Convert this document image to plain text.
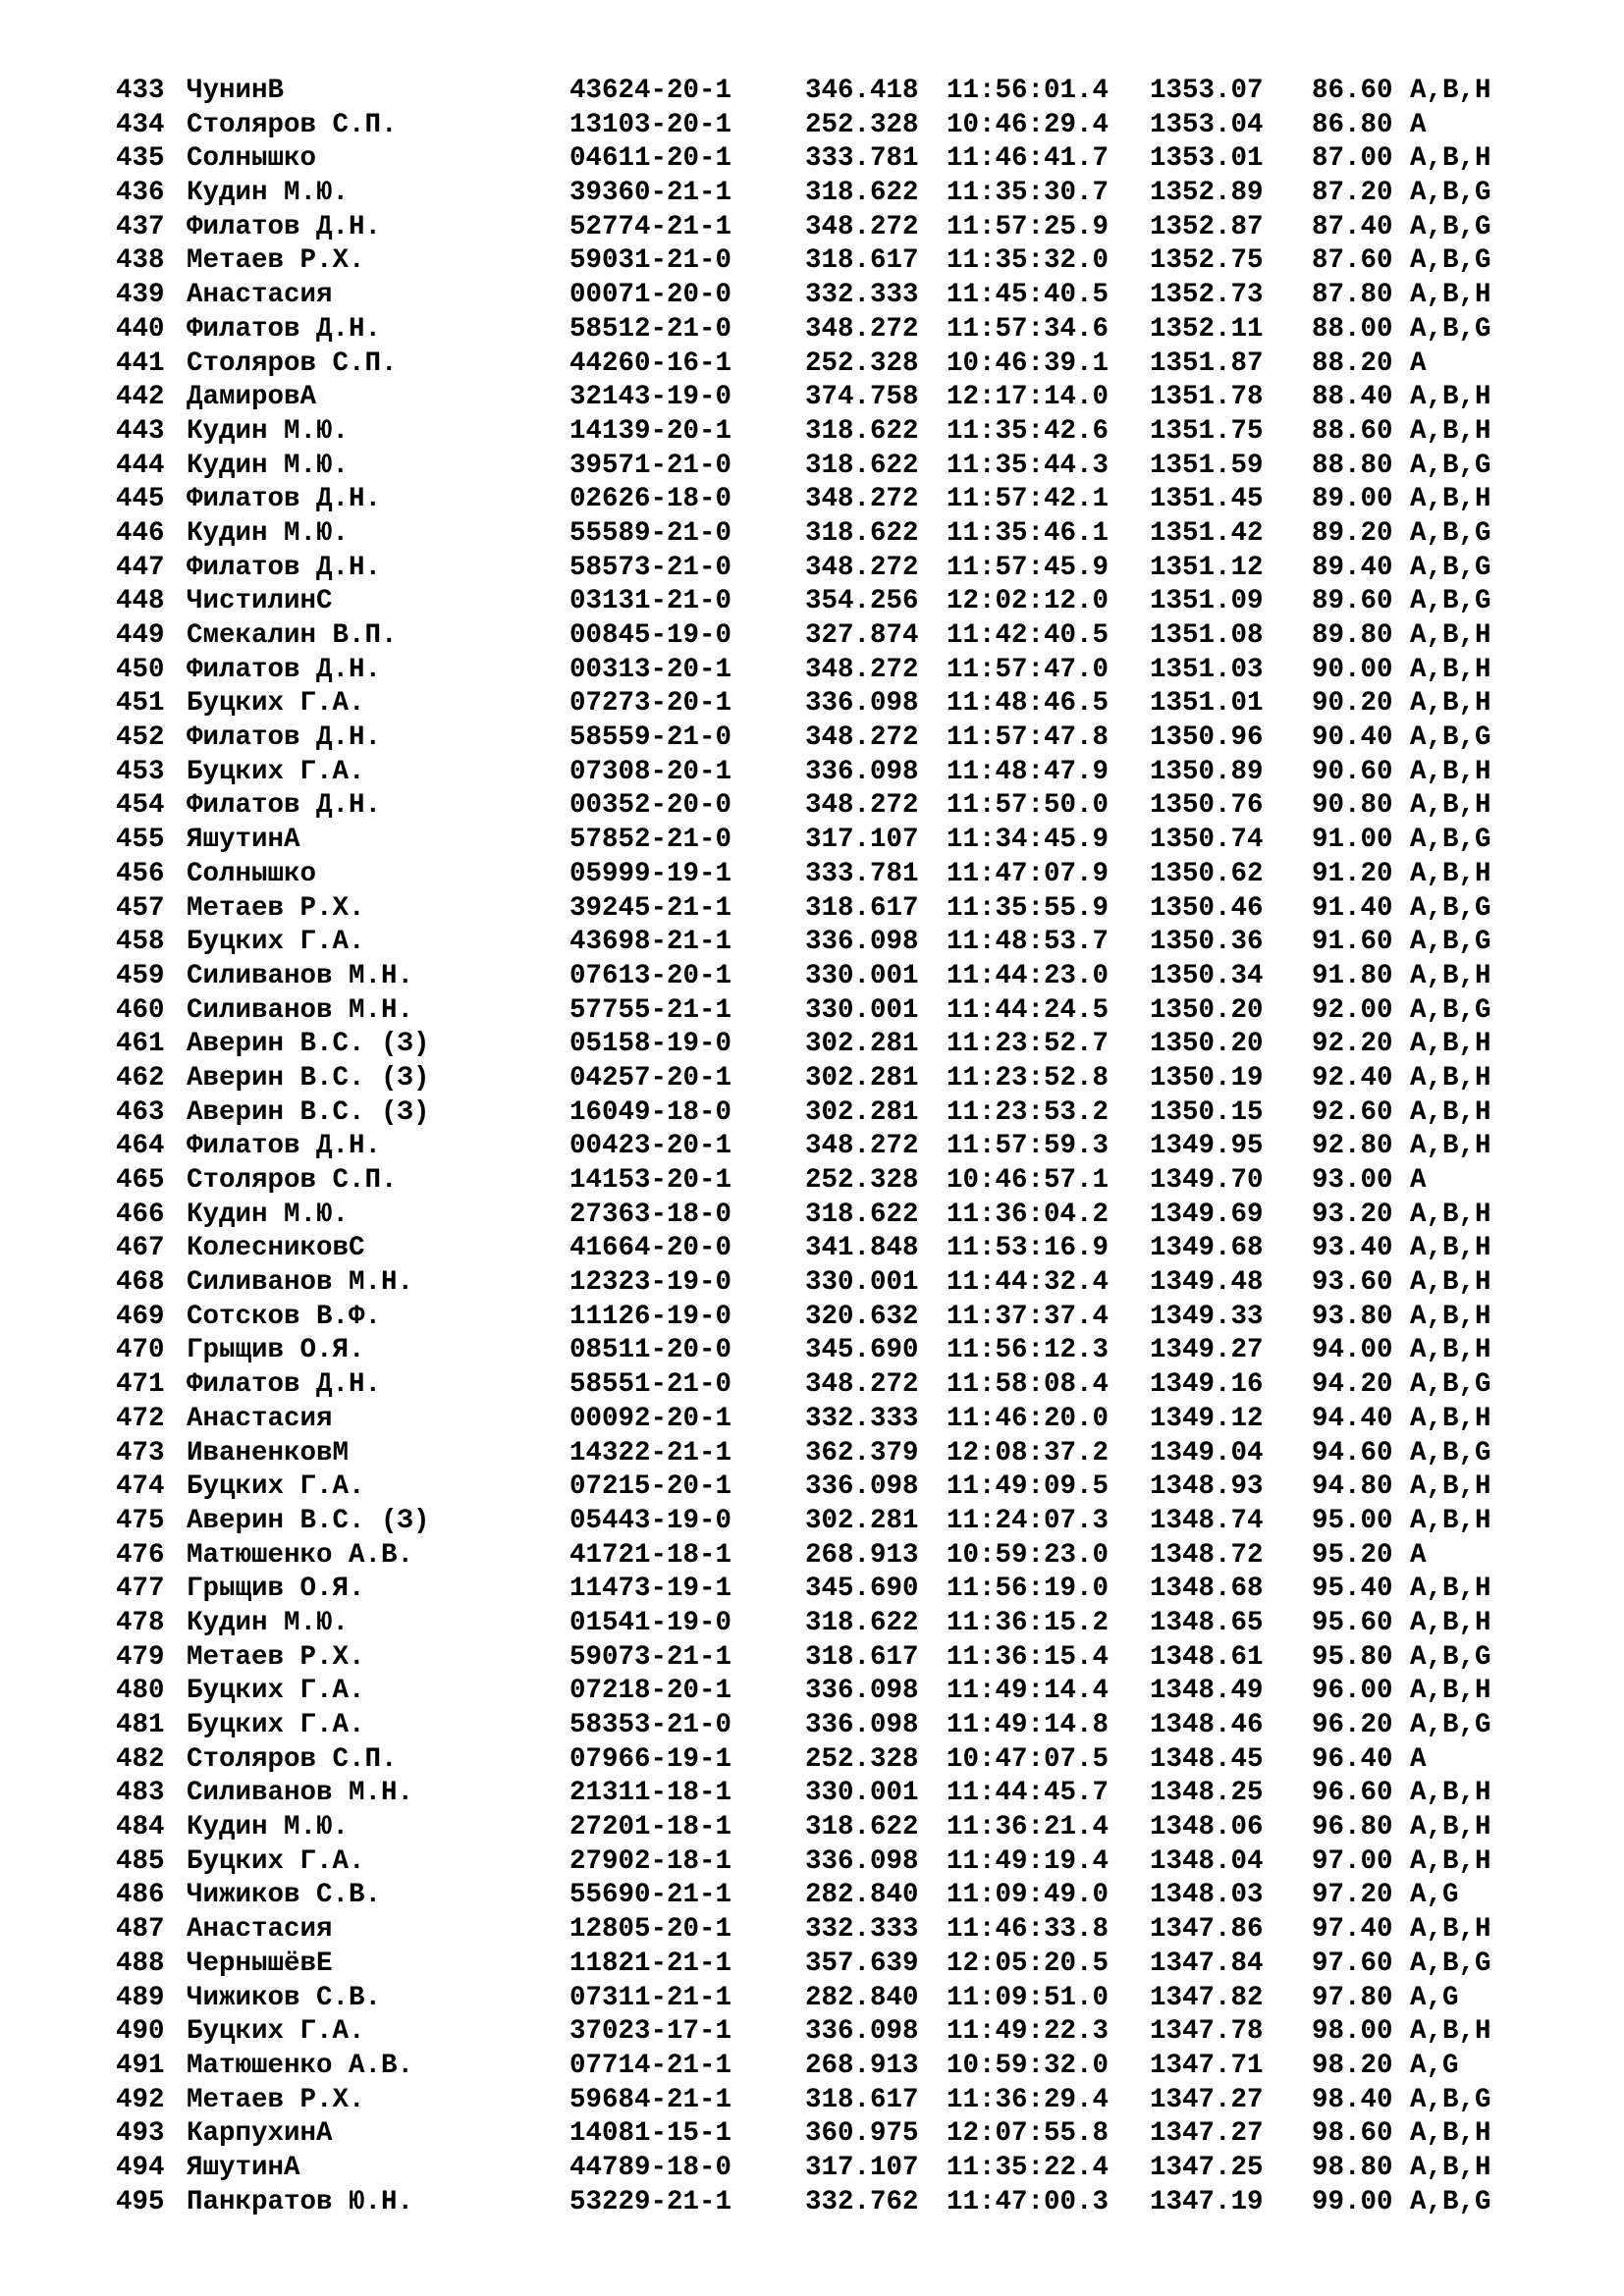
433 ЧунинВ	43624-20-1	346.418 11:56:01.4 1353.07 86.60 A,B,H
434 Столяров С.П.	13103-20-1	252.328 10:46:29.4 1353.04 86.80 A
435 Солнышко	04611-20-1	333.781 11:46:41.7 1353.01 87.00 A,B,H
436 Кудин М.Ю.	39360-21-1	318.622 11:35:30.7 1352.89 87.20 A,B,G
437 Филатов Д.Н.	52774-21-1	348.272 11:57:25.9 1352.87 87.40 A,B,G
438 Метаев Р.Х.	59031-21-0	318.617 11:35:32.0 1352.75 87.60 A,B,G
439 Анастасия	00071-20-0	332.333 11:45:40.5 1352.73 87.80 A,B,H
440 Филатов Д.Н.	58512-21-0	348.272 11:57:34.6 1352.11 88.00 A,B,G
441 Столяров С.П.	44260-16-1	252.328 10:46:39.1 1351.87 88.20 A
442 ДамировА	32143-19-0	374.758 12:17:14.0 1351.78 88.40 A,B,H
443 Кудин М.Ю.	14139-20-1	318.622 11:35:42.6 1351.75 88.60 A,B,H
444 Кудин М.Ю.	39571-21-0	318.622 11:35:44.3 1351.59 88.80 A,B,G
445 Филатов Д.Н.	02626-18-0	348.272 11:57:42.1 1351.45 89.00 A,B,H
446 Кудин М.Ю.	55589-21-0	318.622 11:35:46.1 1351.42 89.20 A,B,G
447 Филатов Д.Н.	58573-21-0	348.272 11:57:45.9 1351.12 89.40 A,B,G
448 ЧистилинС	03131-21-0	354.256 12:02:12.0 1351.09 89.60 A,B,G
449 Смекалин В.П.	00845-19-0	327.874 11:42:40.5 1351.08 89.80 A,B,H
450 Филатов Д.Н.	00313-20-1	348.272 11:57:47.0 1351.03 90.00 A,B,H
451 Буцких Г.А.	07273-20-1	336.098 11:48:46.5 1351.01 90.20 A,B,H
452 Филатов Д.Н.	58559-21-0	348.272 11:57:47.8 1350.96 90.40 A,B,G
453 Буцких Г.А.	07308-20-1	336.098 11:48:47.9 1350.89 90.60 A,B,H
454 Филатов Д.Н.	00352-20-0	348.272 11:57:50.0 1350.76 90.80 A,B,H
455 ЯшутинА	57852-21-0	317.107 11:34:45.9 1350.74 91.00 A,B,G
456 Солнышко	05999-19-1	333.781 11:47:07.9 1350.62 91.20 A,B,H
457 Метаев Р.Х.	39245-21-1	318.617 11:35:55.9 1350.46 91.40 A,B,G
458 Буцких Г.А.	43698-21-1	336.098 11:48:53.7 1350.36 91.60 A,B,G
459 Силиванов М.Н.	07613-20-1	330.001 11:44:23.0 1350.34 91.80 A,B,H
460 Силиванов М.Н.	57755-21-1	330.001 11:44:24.5 1350.20 92.00 A,B,G
461 Аверин В.С. (З)	05158-19-0	302.281 11:23:52.7 1350.20 92.20 A,B,H
462 Аверин В.С. (З)	04257-20-1	302.281 11:23:52.8 1350.19 92.40 A,B,H
463 Аверин В.С. (З)	16049-18-0	302.281 11:23:53.2 1350.15 92.60 A,B,H
464 Филатов Д.Н.	00423-20-1	348.272 11:57:59.3 1349.95 92.80 A,B,H
465 Столяров С.П.	14153-20-1	252.328 10:46:57.1 1349.70 93.00 A
466 Кудин М.Ю.	27363-18-0	318.622 11:36:04.2 1349.69 93.20 A,B,H
467 КолесниковС	41664-20-0	341.848 11:53:16.9 1349.68 93.40 A,B,H
468 Силиванов М.Н.	12323-19-0	330.001 11:44:32.4 1349.48 93.60 A,B,H
469 Сотсков В.Ф.	11126-19-0	320.632 11:37:37.4 1349.33 93.80 A,B,H
470 Грыщив О.Я.	08511-20-0	345.690 11:56:12.3 1349.27 94.00 A,B,H
471 Филатов Д.Н.	58551-21-0	348.272 11:58:08.4 1349.16 94.20 A,B,G
472 Анастасия	00092-20-1	332.333 11:46:20.0 1349.12 94.40 A,B,H
473 ИваненковМ	14322-21-1	362.379 12:08:37.2 1349.04 94.60 A,B,G
474 Буцких Г.А.	07215-20-1	336.098 11:49:09.5 1348.93 94.80 A,B,H
475 Аверин В.С. (З)	05443-19-0	302.281 11:24:07.3 1348.74 95.00 A,B,H
476 Матюшенко А.В.	41721-18-1	268.913 10:59:23.0 1348.72 95.20 A
477 Грыщив О.Я.	11473-19-1	345.690 11:56:19.0 1348.68 95.40 A,B,H
478 Кудин М.Ю.	01541-19-0	318.622 11:36:15.2 1348.65 95.60 A,B,H
479 Метаев Р.Х.	59073-21-1	318.617 11:36:15.4 1348.61 95.80 A,B,G
480 Буцких Г.А.	07218-20-1	336.098 11:49:14.4 1348.49 96.00 A,B,H
481 Буцких Г.А.	58353-21-0	336.098 11:49:14.8 1348.46 96.20 A,B,G
482 Столяров С.П.	07966-19-1	252.328 10:47:07.5 1348.45 96.40 A
483 Силиванов М.Н.	21311-18-1	330.001 11:44:45.7 1348.25 96.60 A,B,H
484 Кудин М.Ю.	27201-18-1	318.622 11:36:21.4 1348.06 96.80 A,B,H
485 Буцких Г.А.	27902-18-1	336.098 11:49:19.4 1348.04 97.00 A,B,H
486 Чижиков С.В.	55690-21-1	282.840 11:09:49.0 1348.03 97.20 A,G
487 Анастасия	12805-20-1	332.333 11:46:33.8 1347.86 97.40 A,B,H
488 ЧернышёвЕ	11821-21-1	357.639 12:05:20.5 1347.84 97.60 A,B,G
489 Чижиков С.В.	07311-21-1	282.840 11:09:51.0 1347.82 97.80 A,G
490 Буцких Г.А.	37023-17-1	336.098 11:49:22.3 1347.78 98.00 A,B,H
491 Матюшенко А.В.	07714-21-1	268.913 10:59:32.0 1347.71 98.20 A,G
492 Метаев Р.Х.	59684-21-1	318.617 11:36:29.4 1347.27 98.40 A,B,G
493 КарпухинА	14081-15-1	360.975 12:07:55.8 1347.27 98.60 A,B,H
494 ЯшутинА	44789-18-0	317.107 11:35:22.4 1347.25 98.80 A,B,H
495 Панкратов Ю.Н.	53229-21-1	332.762 11:47:00.3 1347.19 99.00 A,B,G
